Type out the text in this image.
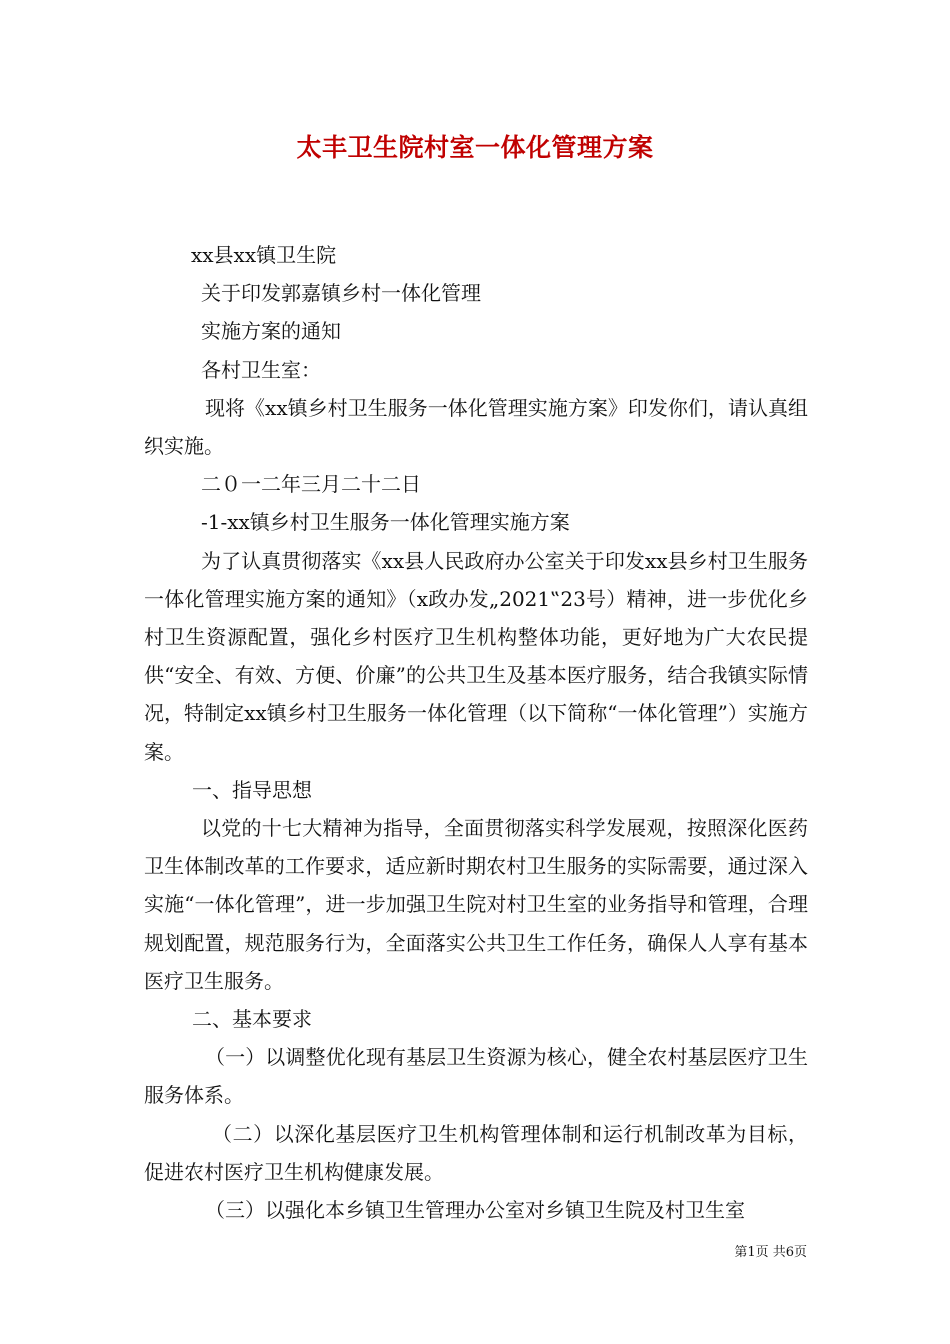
太丰卫生院村室一体化管理方案

xx县xx镇卫生院

关于印发郭嘉镇乡村一体化管理

实施方案的通知

各村卫生室：

现将《xx镇乡村卫生服务一体化管理实施方案》印发你们，请认真组织实施。

二０一二年三月二十二日

-1-xx镇乡村卫生服务一体化管理实施方案

为了认真贯彻落实《xx县人民政府办公室关于印发xx县乡村卫生服务一体化管理实施方案的通知》（x政办发„2021‟23号）精神，进一步优化乡村卫生资源配置，强化乡村医疗卫生机构整体功能，更好地为广大农民提供“安全、有效、方便、价廉”的公共卫生及基本医疗服务，结合我镇实际情况，特制定xx镇乡村卫生服务一体化管理（以下简称“一体化管理”）实施方案。

一、指导思想

以党的十七大精神为指导，全面贯彻落实科学发展观，按照深化医药卫生体制改革的工作要求，适应新时期农村卫生服务的实际需要，通过深入实施“一体化管理”，进一步加强卫生院对村卫生室的业务指导和管理，合理规划配置，规范服务行为，全面落实公共卫生工作任务，确保人人享有基本医疗卫生服务。

二、基本要求

（一）以调整优化现有基层卫生资源为核心，健全农村基层医疗卫生服务体系。

（二）以深化基层医疗卫生机构管理体制和运行机制改革为目标，促进农村医疗卫生机构健康发展。

（三）以强化本乡镇卫生管理办公室对乡镇卫生院及村卫生室

第1页 共6页
